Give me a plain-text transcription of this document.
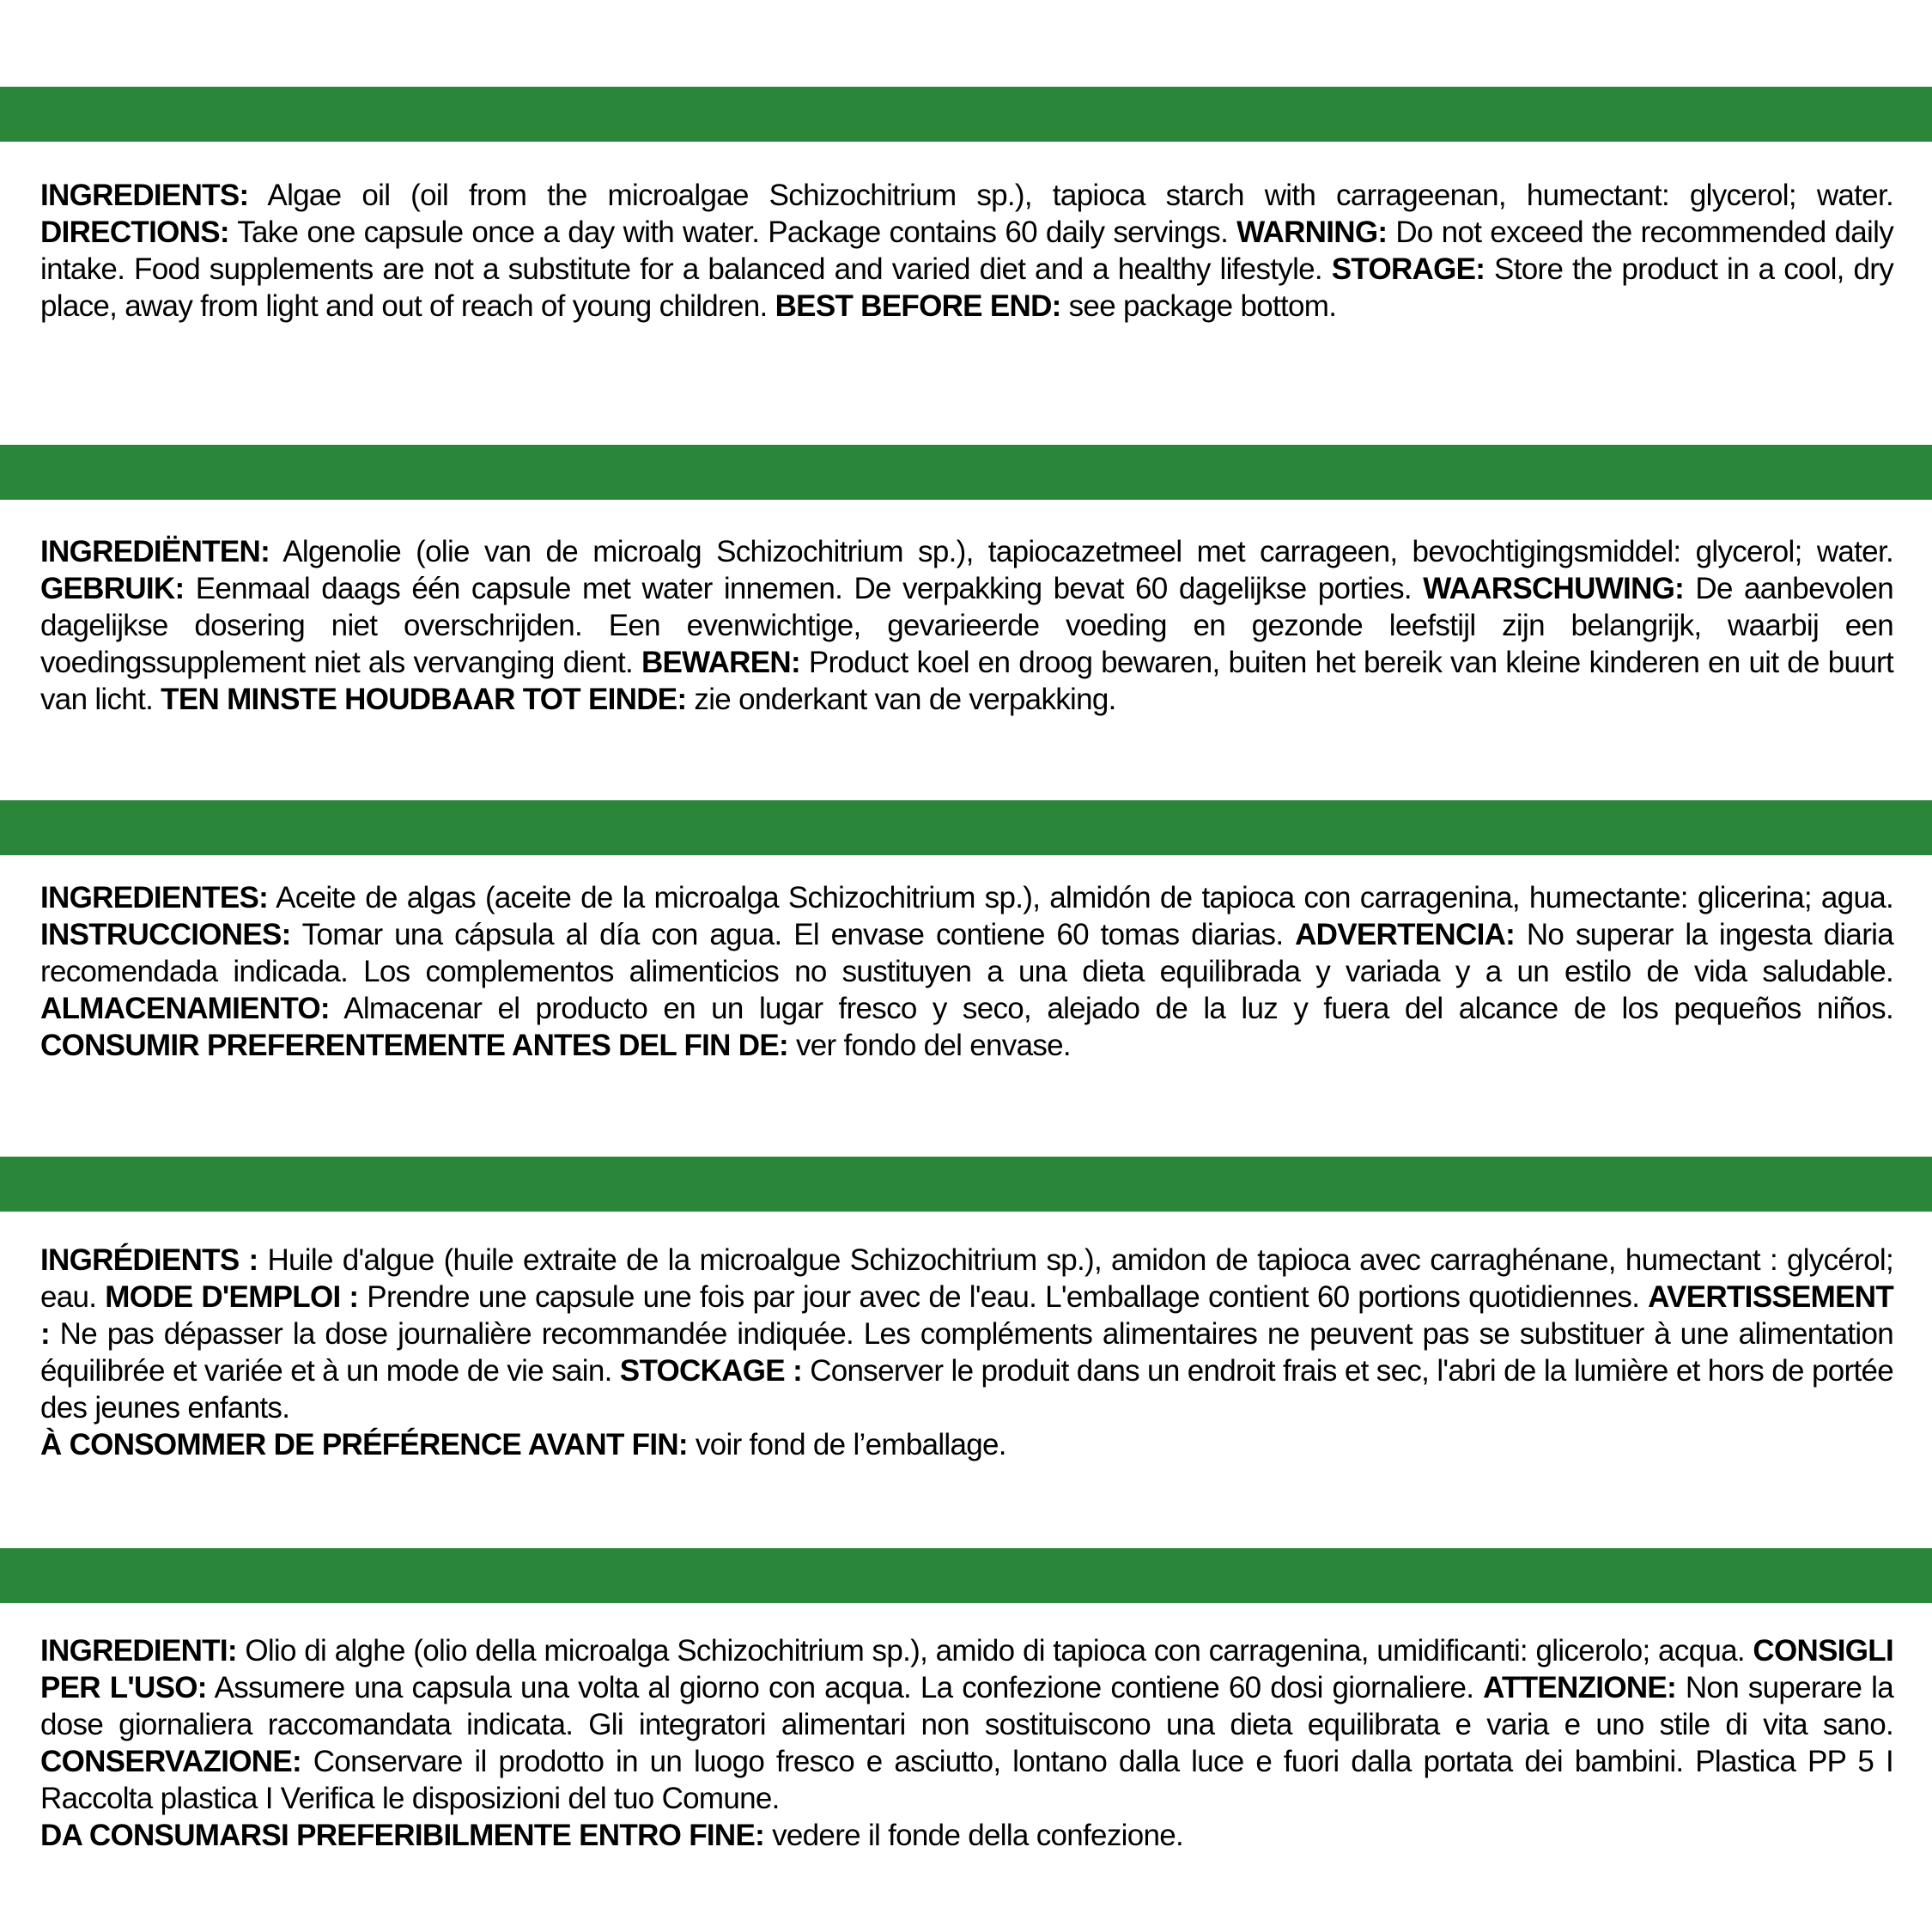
INGREDIENTS: Algae oil (oil from the microalgae Schizochitrium sp.), tapioca starch with carrageenan, humectant: glycerol; water. DIRECTIONS: Take one capsule once a day with water. Package contains 60 daily servings. WARNING: Do not exceed the recommended daily intake. Food supplements are not a substitute for a balanced and varied diet and a healthy lifestyle. STORAGE: Store the product in a cool, dry place, away from light and out of reach of young children. BEST BEFORE END: see package bottom.

INGREDIËNTEN: Algenolie (olie van de microalg Schizochitrium sp.), tapiocazetmeel met carrageen, bevochtigingsmiddel: glycerol; water. GEBRUIK: Eenmaal daags één capsule met water innemen. De verpakking bevat 60 dagelijkse porties. WAARSCHUWING: De aanbevolen dagelijkse dosering niet overschrijden. Een evenwichtige, gevarieerde voeding en gezonde leefstijl zijn belangrijk, waarbij een voedingssupplement niet als vervanging dient. BEWAREN: Product koel en droog bewaren, buiten het bereik van kleine kinderen en uit de buurt van licht. TEN MINSTE HOUDBAAR TOT EINDE: zie onderkant van de verpakking.

INGREDIENTES: Aceite de algas (aceite de la microalga Schizochitrium sp.), almidón de tapioca con carragenina, humectante: glicerina; agua. INSTRUCCIONES: Tomar una cápsula al día con agua. El envase contiene 60 tomas diarias. ADVERTENCIA: No superar la ingesta diaria recomendada indicada. Los complementos alimenticios no sustituyen a una dieta equilibrada y variada y a un estilo de vida saludable. ALMACENAMIENTO: Almacenar el producto en un lugar fresco y seco, alejado de la luz y fuera del alcance de los pequeños niños. CONSUMIR PREFERENTEMENTE ANTES DEL FIN DE: ver fondo del envase.

INGRÉDIENTS : Huile d'algue (huile extraite de la microalgue Schizochitrium sp.), amidon de tapioca avec carraghénane, humectant : glycérol; eau. MODE D'EMPLOI : Prendre une capsule une fois par jour avec de l'eau. L'emballage contient 60 portions quotidiennes. AVERTISSEMENT : Ne pas dépasser la dose journalière recommandée indiquée. Les compléments alimentaires ne peuvent pas se substituer à une alimentation équilibrée et variée et à un mode de vie sain. STOCKAGE : Conserver le produit dans un endroit frais et sec, l'abri de la lumière et hors de portée des jeunes enfants.
À CONSOMMER DE PRÉFÉRENCE AVANT FIN: voir fond de l’emballage.

INGREDIENTI: Olio di alghe (olio della microalga Schizochitrium sp.), amido di tapioca con carragenina, umidificanti: glicerolo; acqua. CONSIGLI PER L'USO: Assumere una capsula una volta al giorno con acqua. La confezione contiene 60 dosi giornaliere. ATTENZIONE: Non superare la dose giornaliera raccomandata indicata. Gli integratori alimentari non sostituiscono una dieta equilibrata e varia e uno stile di vita sano. CONSERVAZIONE: Conservare il prodotto in un luogo fresco e asciutto, lontano dalla luce e fuori dalla portata dei bambini. Plastica PP 5 I Raccolta plastica I Verifica le disposizioni del tuo Comune.
DA CONSUMARSI PREFERIBILMENTE ENTRO FINE: vedere il fonde della confezione.
